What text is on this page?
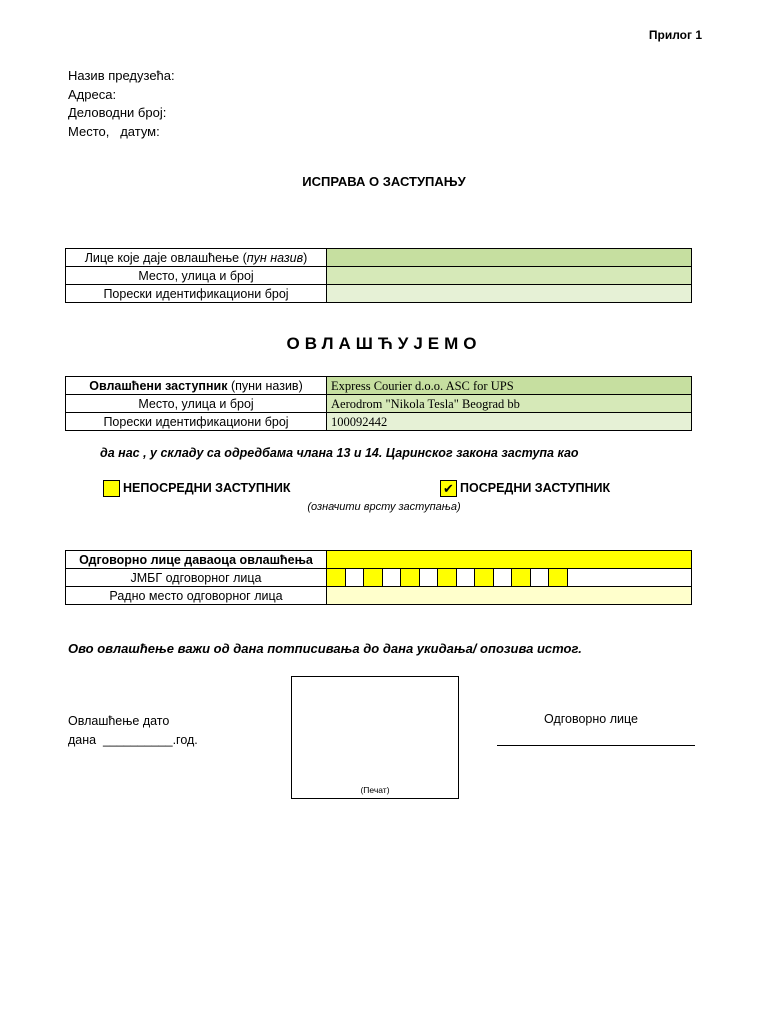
Прилог 1
Назив предузећа:
Адреса:
Деловодни број:
Место,   датум:
ИСПРАВА О ЗАСТУПАЊУ
Лице које даје овлашћење (пун назив)	
Место, улица и број	
Порески идентификациони број	
ОВЛАШЋУЈЕМО
Овлашћени заступник (пуни назив)	Express Courier d.o.o. ASC for UPS
Место, улица и број	Aerodrom "Nikola Tesla" Beograd bb
Порески идентификациони број	100092442
да нас , у складу са одредбама члана 13 и 14. Царинског закона заступа као
НЕПОСРЕДНИ ЗАСТУПНИК	✔ ПОСРЕДНИ ЗАСТУПНИК
(означити врсту заступања)
Одговорно лице даваоца овлашћења	
ЈМБГ одговорног лица	

Радно место одговорног лица	
Ово овлашћење важи од дана потписивања до дана укидања/ опозива истог.
Овлашћење дато
дана  __________.год.
(Печат)
Одговорно лице
